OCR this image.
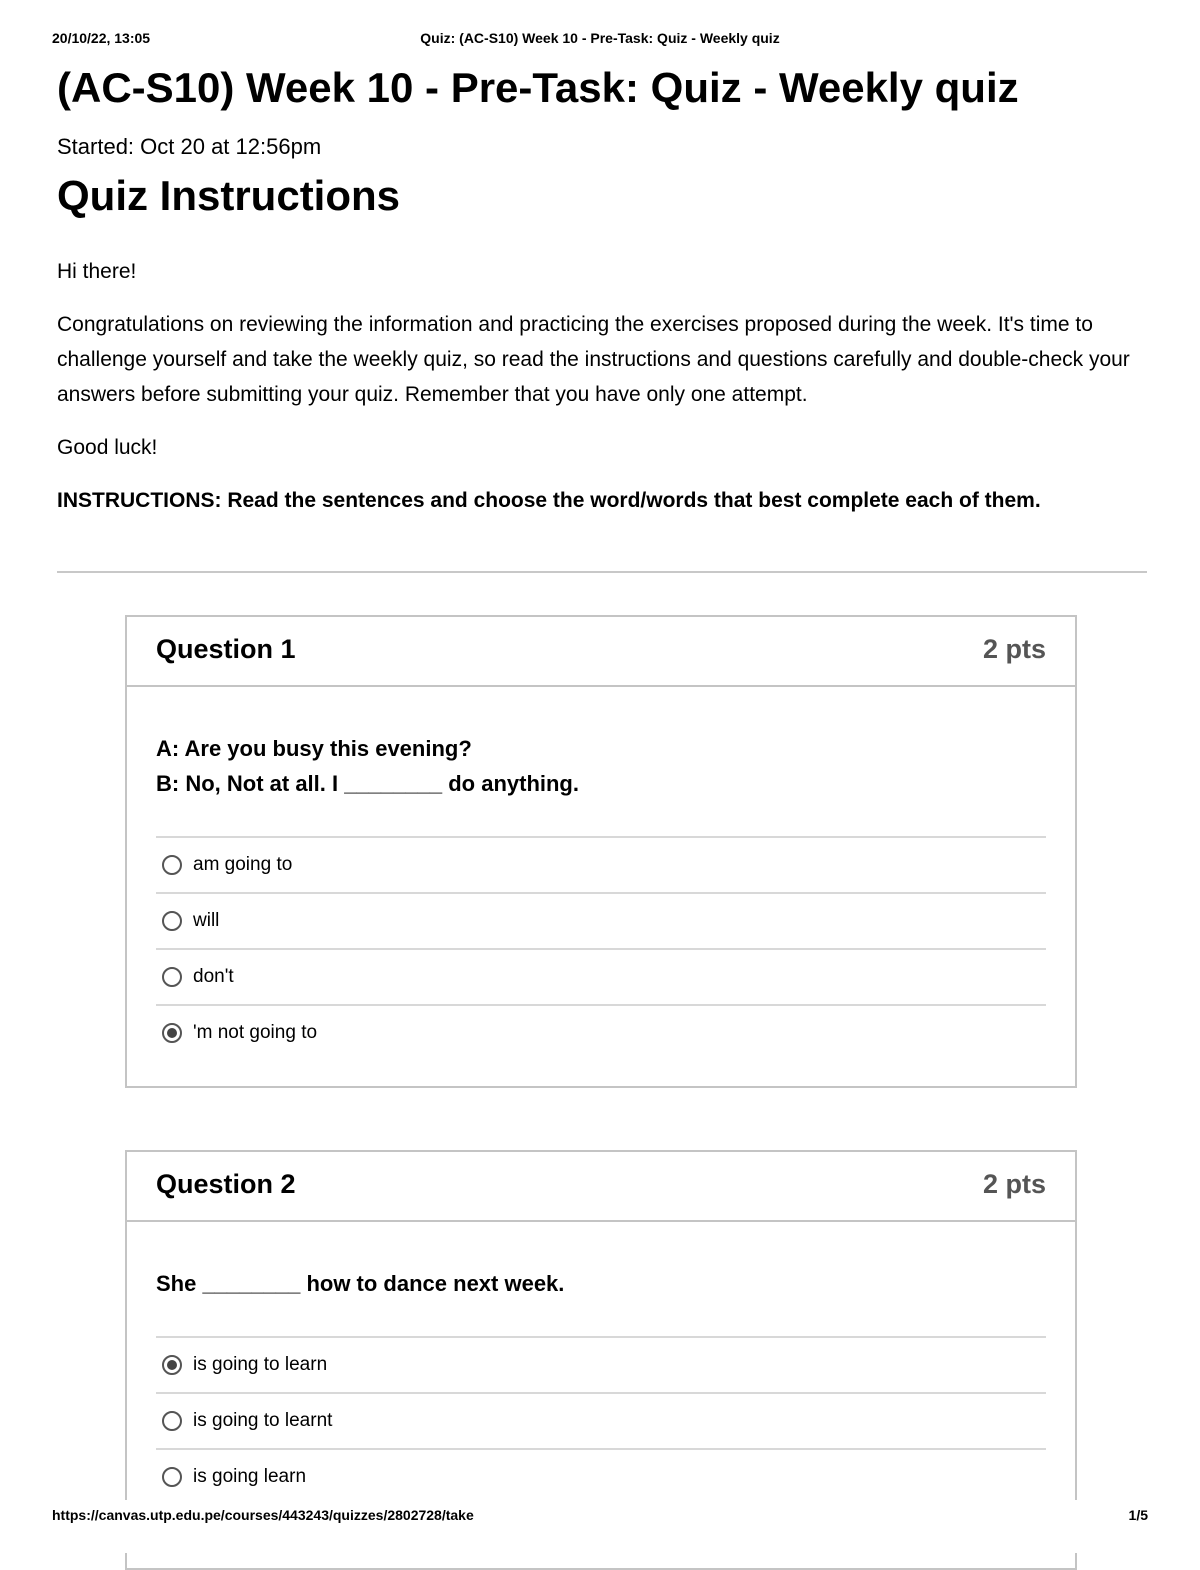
20/10/22, 13:05	Quiz: (AC-S10) Week 10 - Pre-Task: Quiz - Weekly quiz
(AC-S10) Week 10 - Pre-Task: Quiz - Weekly quiz
Started: Oct 20 at 12:56pm
Quiz Instructions

Hi there!

Congratulations on reviewing the information and practicing the exercises proposed during the week. It's time to challenge yourself and take the weekly quiz, so read the instructions and questions carefully and double-check your answers before submitting your quiz. Remember that you have only one attempt.

Good luck!

INSTRUCTIONS: Read the sentences and choose the word/words that best complete each of them.

Question 1	2 pts
A: Are you busy this evening?
B: No, Not at all. I ________ do anything.
am going to
will
don't
'm not going to
Question 2	2 pts
She ________ how to dance next week.
is going to learn
is going to learnt
is going learn
https://canvas.utp.edu.pe/courses/443243/quizzes/2802728/take	1/5
